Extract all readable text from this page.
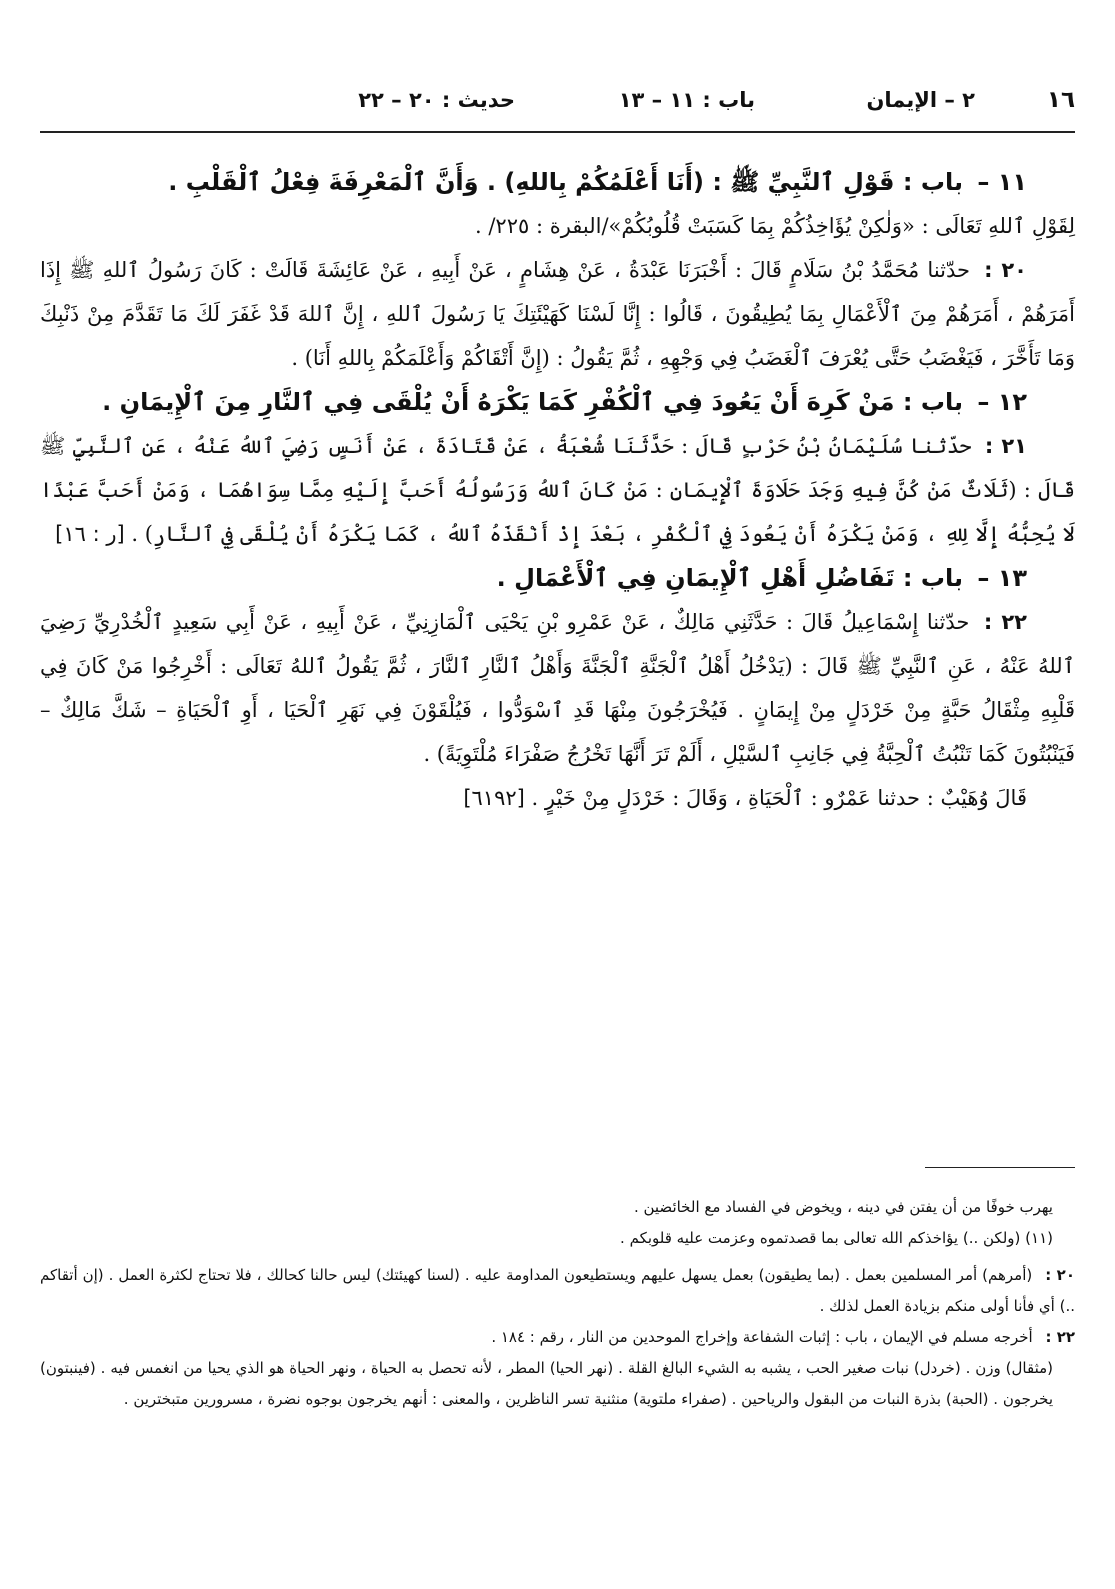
١٦
٢ – الإيمان
باب : ١١ – ١٣
حديث : ٢٠ – ٢٢

١١ – باب : قَوْلِ ٱلنَّبِيِّ ﷺ : (أَنَا أَعْلَمُكُمْ بِاللهِ) . وَأَنَّ ٱلْمَعْرِفَةَ فِعْلُ ٱلْقَلْبِ .

لِقَوْلِ ٱللهِ تَعَالَى : «وَلٰكِنْ يُؤَاخِذُكُمْ بِمَا كَسَبَتْ قُلُوبُكُمْ»/البقرة : ٢٢٥/ .

٢٠ : حدّثنا مُحَمَّدُ بْنُ سَلَامٍ قَالَ : أَخْبَرَنَا عَبْدَةُ ، عَنْ هِشَامٍ ، عَنْ أَبِيهِ ، عَنْ عَائِشَةَ قَالَتْ : كَانَ رَسُولُ ٱللهِ ﷺ إِذَا أَمَرَهُمْ ، أَمَرَهُمْ مِنَ ٱلْأَعْمَالِ بِمَا يُطِيقُونَ ، قَالُوا : إِنَّا لَسْنَا كَهَيْئَتِكَ يَا رَسُولَ ٱللهِ ، إِنَّ ٱللهَ قَدْ غَفَرَ لَكَ مَا تَقَدَّمَ مِنْ ذَنْبِكَ وَمَا تَأَخَّرَ ، فَيَغْضَبُ حَتَّى يُعْرَفَ ٱلْغَضَبُ فِي وَجْهِهِ ، ثُمَّ يَقُولُ : (إِنَّ أَتْقَاكُمْ وَأَعْلَمَكُمْ بِاللهِ أَنَا) .

١٢ – باب : مَنْ كَرِهَ أَنْ يَعُودَ فِي ٱلْكُفْرِ كَمَا يَكْرَهُ أَنْ يُلْقَى فِي ٱلنَّارِ مِنَ ٱلْإِيمَانِ .

٢١ : حدّثنا سُلَيْمَانُ بْنُ حَرْبٍ قَالَ : حَدَّثَنَا شُعْبَةُ ، عَنْ قَتَادَةَ ، عَنْ أَنَسٍ رَضِيَ ٱللهُ عَنْهُ ، عَنِ ٱلنَّبِيِّ ﷺ قَالَ : (ثَلَاثٌ مَنْ كُنَّ فِيهِ وَجَدَ حَلَاوَةَ ٱلْإِيمَانِ : مَنْ كَانَ ٱللهُ وَرَسُولُهُ أَحَبَّ إِلَيْهِ مِمَّا سِوَاهُمَا ، وَمَنْ أَحَبَّ عَبْدًا لَا يُحِبُّهُ إِلَّا لِلهِ ، وَمَنْ يَكْرَهُ أَنْ يَعُودَ فِي ٱلْكُفْرِ ، بَعْدَ إِذْ أَنْقَذَهُ ٱللهُ ، كَمَا يَكْرَهُ أَنْ يُلْقَى فِي ٱلنَّارِ) . [ر : ١٦]

١٣ – باب : تَفَاضُلِ أَهْلِ ٱلْإِيمَانِ فِي ٱلْأَعْمَالِ .

٢٢ : حدّثنا إِسْمَاعِيلُ قَالَ : حَدَّثَنِي مَالِكٌ ، عَنْ عَمْرِو بْنِ يَحْيَى ٱلْمَازِنِيِّ ، عَنْ أَبِيهِ ، عَنْ أَبِي سَعِيدٍ ٱلْخُدْرِيِّ رَضِيَ ٱللهُ عَنْهُ ، عَنِ ٱلنَّبِيِّ ﷺ قَالَ : (يَدْخُلُ أَهْلُ ٱلْجَنَّةِ ٱلْجَنَّةَ وَأَهْلُ ٱلنَّارِ ٱلنَّارَ ، ثُمَّ يَقُولُ ٱللهُ تَعَالَى : أَخْرِجُوا مَنْ كَانَ فِي قَلْبِهِ مِثْقَالُ حَبَّةٍ مِنْ خَرْدَلٍ مِنْ إِيمَانٍ . فَيُخْرَجُونَ مِنْهَا قَدِ ٱسْوَدُّوا ، فَيُلْقَوْنَ فِي نَهَرِ ٱلْحَيَا ، أَوِ ٱلْحَيَاةِ – شَكَّ مَالِكٌ – فَيَنْبُتُونَ كَمَا تَنْبُتُ ٱلْحِبَّةُ فِي جَانِبِ ٱلسَّيْلِ ، أَلَمْ تَرَ أَنَّهَا تَخْرُجُ صَفْرَاءَ مُلْتَوِيَةً) .

قَالَ وُهَيْبٌ : حدثنا عَمْرٌو : ٱلْحَيَاةِ ، وَقَالَ : خَرْدَلٍ مِنْ خَيْرٍ . [٦١٩٢]

يهرب خوفًا من أن يفتن في دينه ، ويخوض في الفساد مع الخائضين .

(١١) (ولكن ..) يؤاخذكم الله تعالى بما قصدتموه وعزمت عليه قلوبكم .

٢٠ : (أمرهم) أمر المسلمين بعمل . (بما يطيقون) بعمل يسهل عليهم ويستطيعون المداومة عليه . (لسنا كهيئتك) ليس حالنا كحالك ، فلا تحتاج لكثرة العمل . (إن أتقاكم ..) أي فأنا أولى منكم بزيادة العمل لذلك .

٢٢ : أخرجه مسلم في الإيمان ، باب : إثبات الشفاعة وإخراج الموحدين من النار ، رقم : ١٨٤ .

(مثقال) وزن . (خردل) نبات صغير الحب ، يشبه به الشيء البالغ القلة . (نهر الحيا) المطر ، لأنه تحصل به الحياة ، ونهر الحياة هو الذي يحيا من انغمس فيه . (فينبتون) يخرجون . (الحبة) بذرة النبات من البقول والرياحين . (صفراء ملتوية) منثنية تسر الناظرين ، والمعنى : أنهم يخرجون بوجوه نضرة ، مسرورين متبخترين .
